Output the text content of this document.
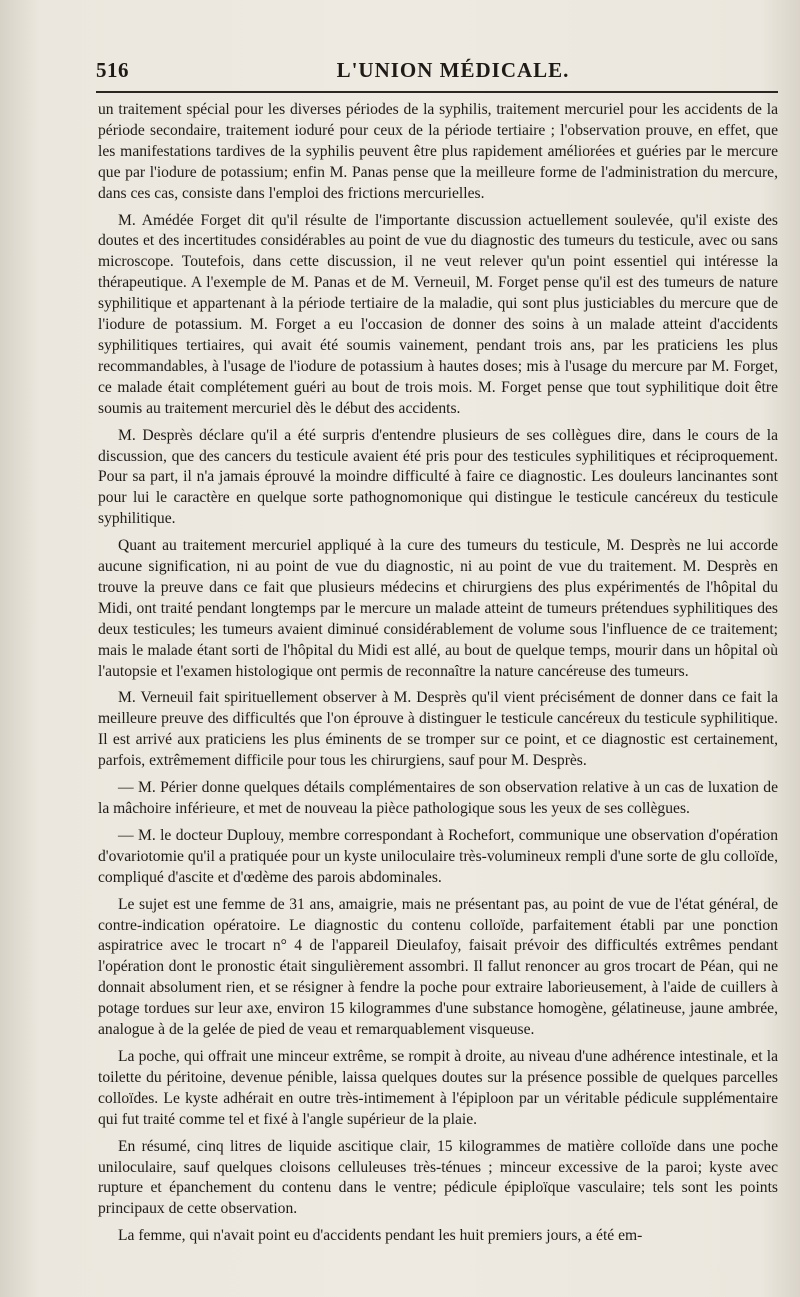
516	L'UNION MÉDICALE.

un traitement spécial pour les diverses périodes de la syphilis, traitement mercuriel pour les accidents de la période secondaire, traitement ioduré pour ceux de la période tertiaire ; l'observation prouve, en effet, que les manifestations tardives de la syphilis peuvent être plus rapidement améliorées et guéries par le mercure que par l'iodure de potassium; enfin M. Panas pense que la meilleure forme de l'administration du mercure, dans ces cas, consiste dans l'emploi des frictions mercurielles.

M. Amédée Forget dit qu'il résulte de l'importante discussion actuellement soulevée, qu'il existe des doutes et des incertitudes considérables au point de vue du diagnostic des tumeurs du testicule, avec ou sans microscope. Toutefois, dans cette discussion, il ne veut relever qu'un point essentiel qui intéresse la thérapeutique. A l'exemple de M. Panas et de M. Verneuil, M. Forget pense qu'il est des tumeurs de nature syphilitique et appartenant à la période tertiaire de la maladie, qui sont plus justiciables du mercure que de l'iodure de potassium. M. Forget a eu l'occasion de donner des soins à un malade atteint d'accidents syphilitiques tertiaires, qui avait été soumis vainement, pendant trois ans, par les praticiens les plus recommandables, à l'usage de l'iodure de potassium à hautes doses; mis à l'usage du mercure par M. Forget, ce malade était complétement guéri au bout de trois mois. M. Forget pense que tout syphilitique doit être soumis au traitement mercuriel dès le début des accidents.

M. Desprès déclare qu'il a été surpris d'entendre plusieurs de ses collègues dire, dans le cours de la discussion, que des cancers du testicule avaient été pris pour des testicules syphilitiques et réciproquement. Pour sa part, il n'a jamais éprouvé la moindre difficulté à faire ce diagnostic. Les douleurs lancinantes sont pour lui le caractère en quelque sorte pathognomonique qui distingue le testicule cancéreux du testicule syphilitique.

Quant au traitement mercuriel appliqué à la cure des tumeurs du testicule, M. Desprès ne lui accorde aucune signification, ni au point de vue du diagnostic, ni au point de vue du traitement. M. Desprès en trouve la preuve dans ce fait que plusieurs médecins et chirurgiens des plus expérimentés de l'hôpital du Midi, ont traité pendant longtemps par le mercure un malade atteint de tumeurs prétendues syphilitiques des deux testicules; les tumeurs avaient diminué considérablement de volume sous l'influence de ce traitement; mais le malade étant sorti de l'hôpital du Midi est allé, au bout de quelque temps, mourir dans un hôpital où l'autopsie et l'examen histologique ont permis de reconnaître la nature cancéreuse des tumeurs.

M. Verneuil fait spirituellement observer à M. Desprès qu'il vient précisément de donner dans ce fait la meilleure preuve des difficultés que l'on éprouve à distinguer le testicule cancéreux du testicule syphilitique. Il est arrivé aux praticiens les plus éminents de se tromper sur ce point, et ce diagnostic est certainement, parfois, extrêmement difficile pour tous les chirurgiens, sauf pour M. Desprès.

— M. Périer donne quelques détails complémentaires de son observation relative à un cas de luxation de la mâchoire inférieure, et met de nouveau la pièce pathologique sous les yeux de ses collègues.

— M. le docteur Duplouy, membre correspondant à Rochefort, communique une observation d'opération d'ovariotomie qu'il a pratiquée pour un kyste uniloculaire très-volumineux rempli d'une sorte de glu colloïde, compliqué d'ascite et d'œdème des parois abdominales.

Le sujet est une femme de 31 ans, amaigrie, mais ne présentant pas, au point de vue de l'état général, de contre-indication opératoire. Le diagnostic du contenu colloïde, parfaitement établi par une ponction aspiratrice avec le trocart n° 4 de l'appareil Dieulafoy, faisait prévoir des difficultés extrêmes pendant l'opération dont le pronostic était singulièrement assombri. Il fallut renoncer au gros trocart de Péan, qui ne donnait absolument rien, et se résigner à fendre la poche pour extraire laborieusement, à l'aide de cuillers à potage tordues sur leur axe, environ 15 kilogrammes d'une substance homogène, gélatineuse, jaune ambrée, analogue à de la gelée de pied de veau et remarquablement visqueuse.

La poche, qui offrait une minceur extrême, se rompit à droite, au niveau d'une adhérence intestinale, et la toilette du péritoine, devenue pénible, laissa quelques doutes sur la présence possible de quelques parcelles colloïdes. Le kyste adhérait en outre très-intimement à l'épiploon par un véritable pédicule supplémentaire qui fut traité comme tel et fixé à l'angle supérieur de la plaie.

En résumé, cinq litres de liquide ascitique clair, 15 kilogrammes de matière colloïde dans une poche uniloculaire, sauf quelques cloisons celluleuses très-ténues ; minceur excessive de la paroi; kyste avec rupture et épanchement du contenu dans le ventre; pédicule épiploïque vasculaire; tels sont les points principaux de cette observation.

La femme, qui n'avait point eu d'accidents pendant les huit premiers jours, a été em-
